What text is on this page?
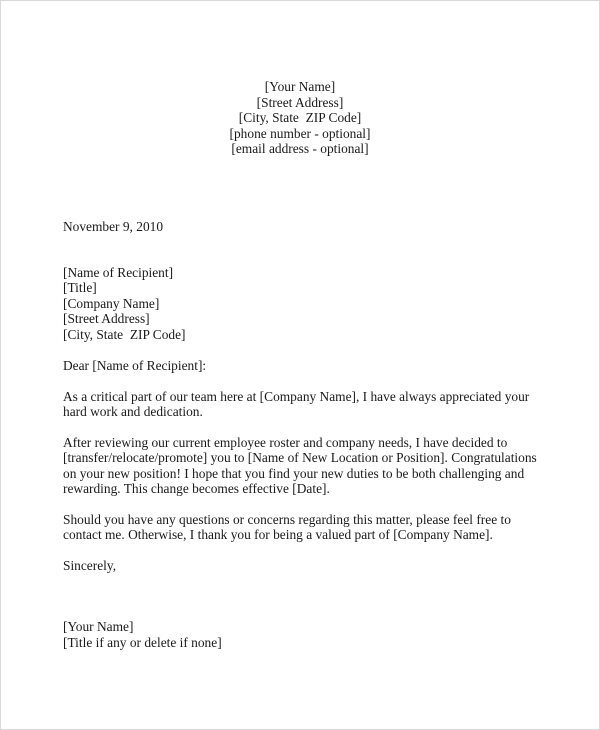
[Your Name]
[Street Address]
[City, State  ZIP Code]
[phone number - optional]
[email address - optional]
November 9, 2010
[Name of Recipient]
[Title]
[Company Name]
[Street Address]
[City, State  ZIP Code]
Dear [Name of Recipient]:
As a critical part of our team here at [Company Name], I have always appreciated your
hard work and dedication.
After reviewing our current employee roster and company needs, I have decided to
[transfer/relocate/promote] you to [Name of New Location or Position]. Congratulations
on your new position! I hope that you find your new duties to be both challenging and
rewarding. This change becomes effective [Date].
Should you have any questions or concerns regarding this matter, please feel free to
contact me. Otherwise, I thank you for being a valued part of [Company Name].
Sincerely,
[Your Name]
[Title if any or delete if none]
